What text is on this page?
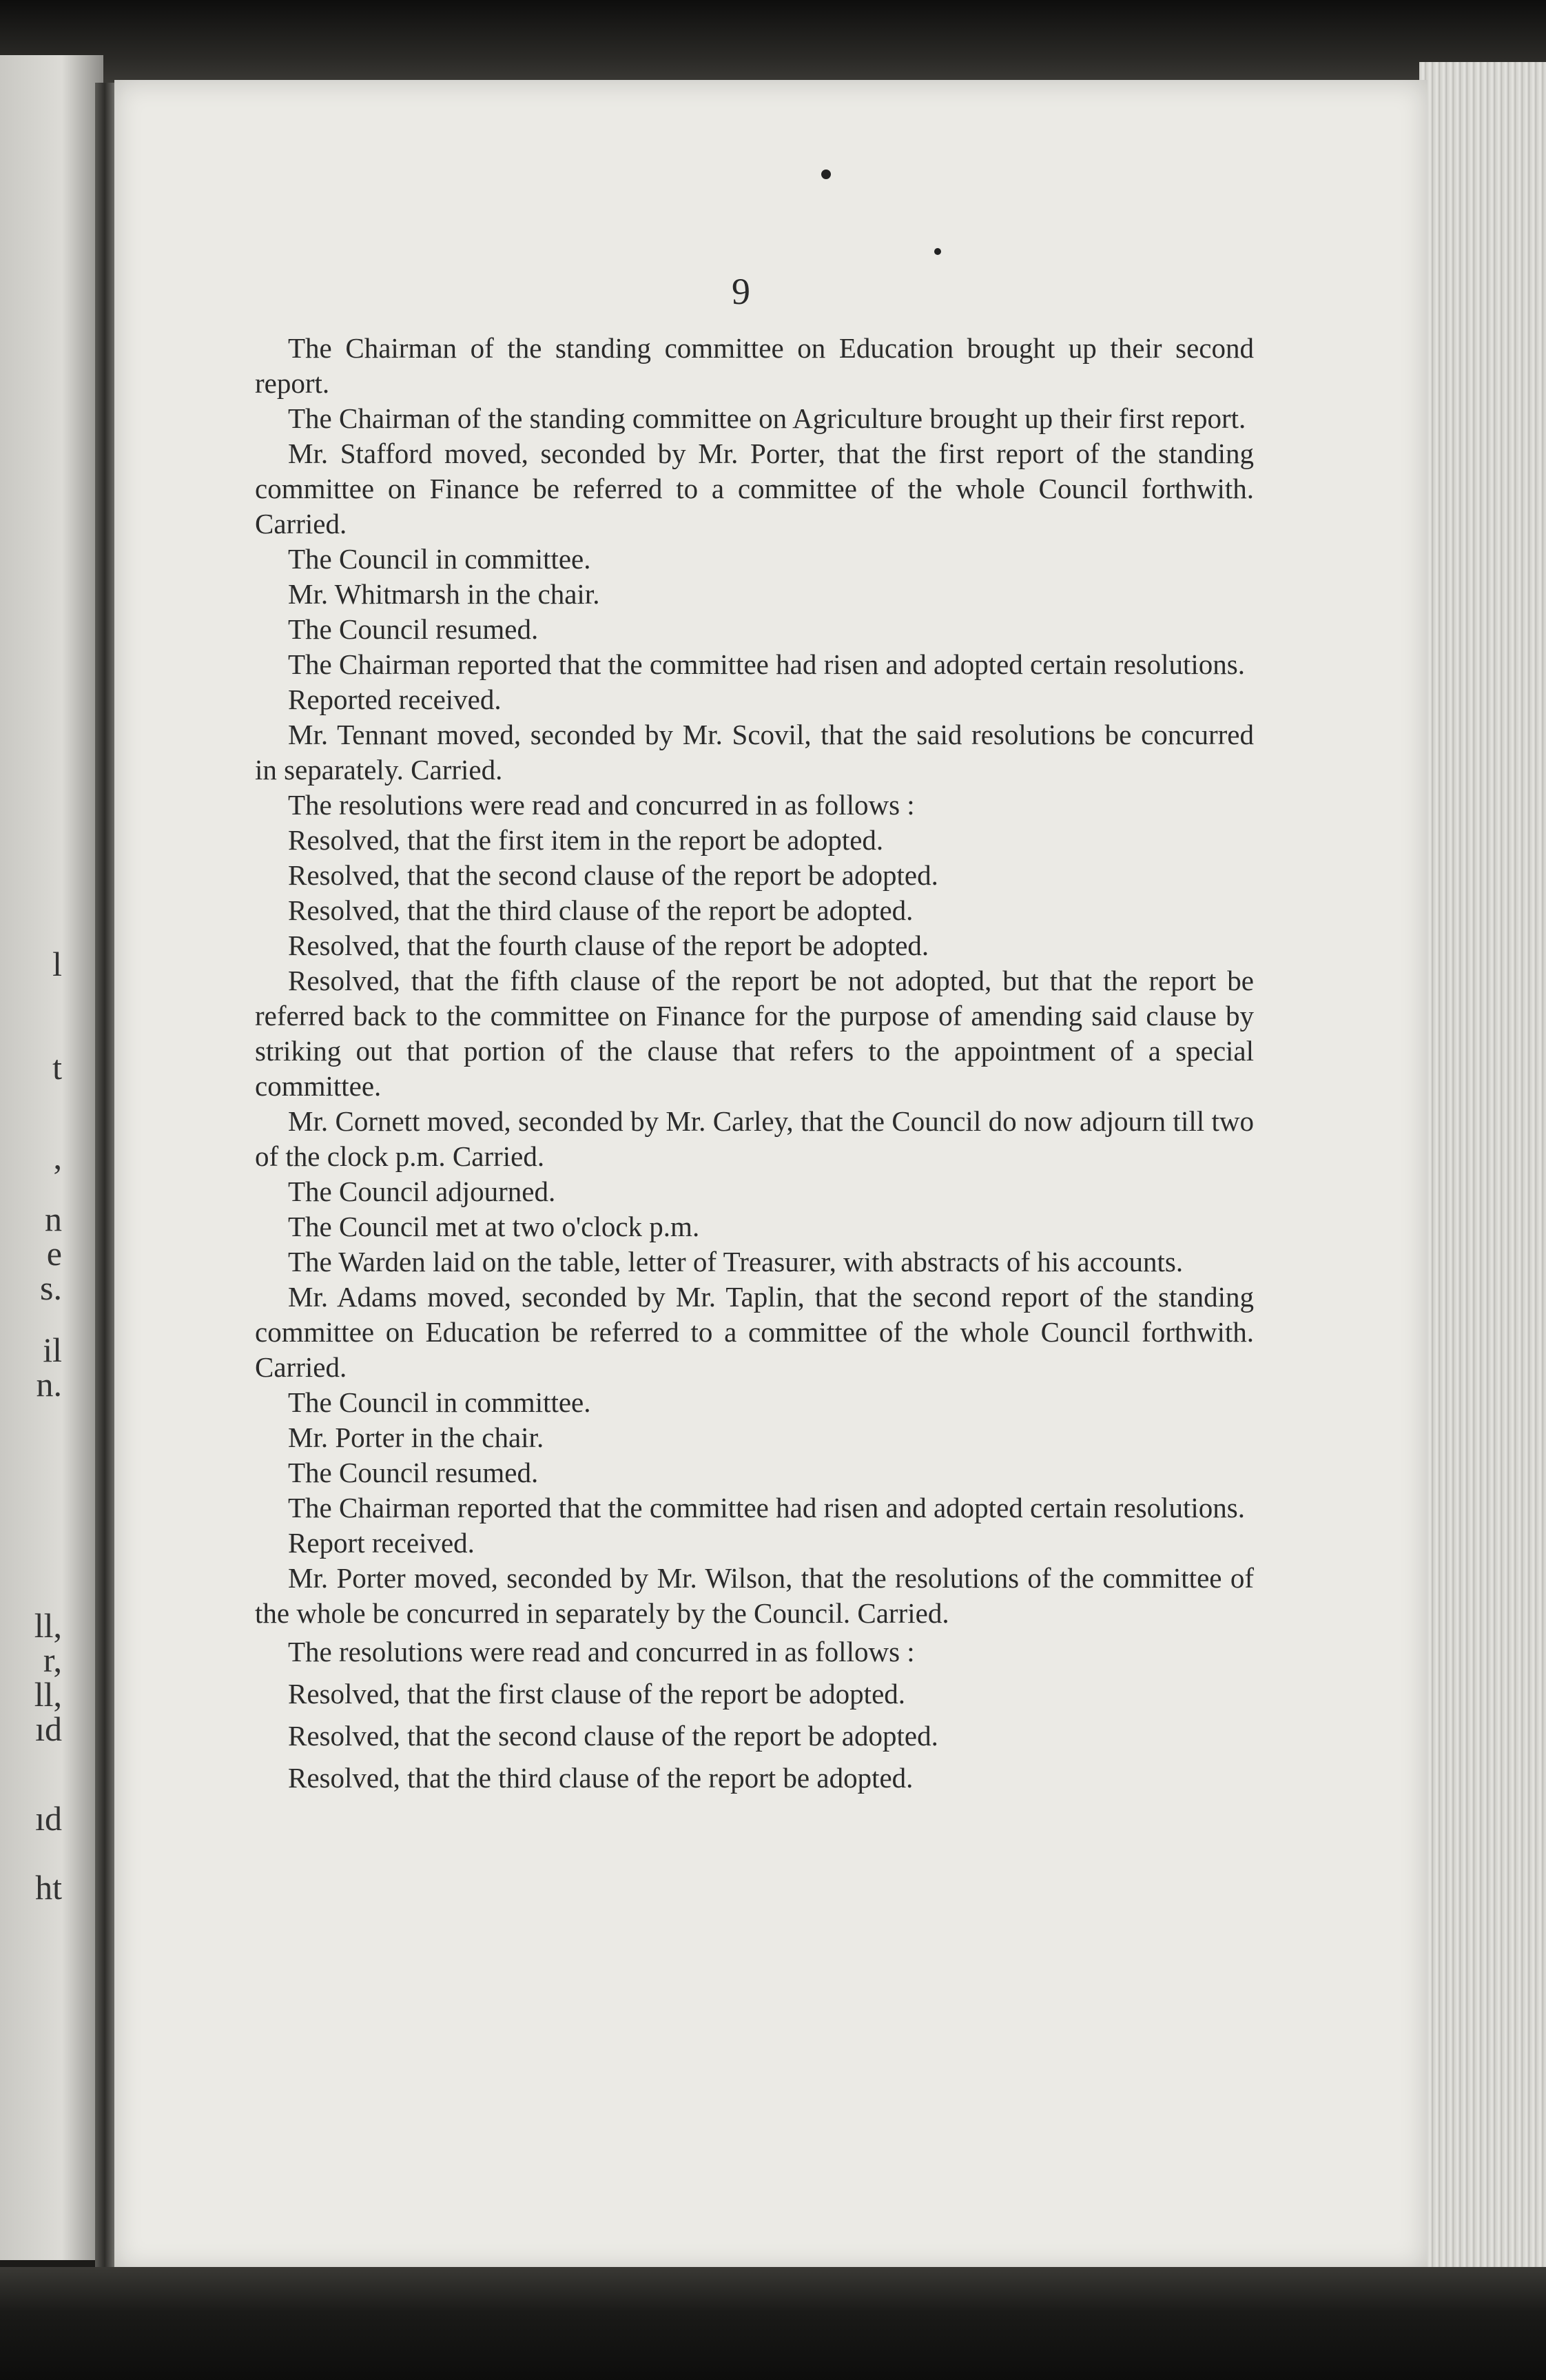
l
t
,
n
e
s.
il
n.
ll,
r,
ll,
ıd
ıd
ht
9

The Chairman of the standing committee on Education brought up their second report.

The Chairman of the standing committee on Agriculture brought up their first report.

Mr. Stafford moved, seconded by Mr. Porter, that the first report of the standing committee on Finance be referred to a committee of the whole Council forthwith. Carried.

The Council in committee.

Mr. Whitmarsh in the chair.

The Council resumed.

The Chairman reported that the committee had risen and adopted certain resolutions.

Reported received.

Mr. Tennant moved, seconded by Mr. Scovil, that the said resolutions be concurred in separately. Carried.

The resolutions were read and concurred in as follows :

Resolved, that the first item in the report be adopted.

Resolved, that the second clause of the report be adopted.

Resolved, that the third clause of the report be adopted.

Resolved, that the fourth clause of the report be adopted.

Resolved, that the fifth clause of the report be not adopted, but that the report be referred back to the committee on Finance for the purpose of amending said clause by striking out that portion of the clause that refers to the appointment of a special committee.

Mr. Cornett moved, seconded by Mr. Carley, that the Council do now adjourn till two of the clock p.m. Carried.

The Council adjourned.

The Council met at two o'clock p.m.

The Warden laid on the table, letter of Treasurer, with abstracts of his accounts.

Mr. Adams moved, seconded by Mr. Taplin, that the second report of the standing committee on Education be referred to a committee of the whole Council forthwith. Carried.

The Council in committee.

Mr. Porter in the chair.

The Council resumed.

The Chairman reported that the committee had risen and adopted certain resolutions.

Report received.

Mr. Porter moved, seconded by Mr. Wilson, that the resolutions of the committee of the whole be concurred in separately by the Council. Carried.

The resolutions were read and concurred in as follows :

Resolved, that the first clause of the report be adopted.

Resolved, that the second clause of the report be adopted.

Resolved, that the third clause of the report be adopted.
